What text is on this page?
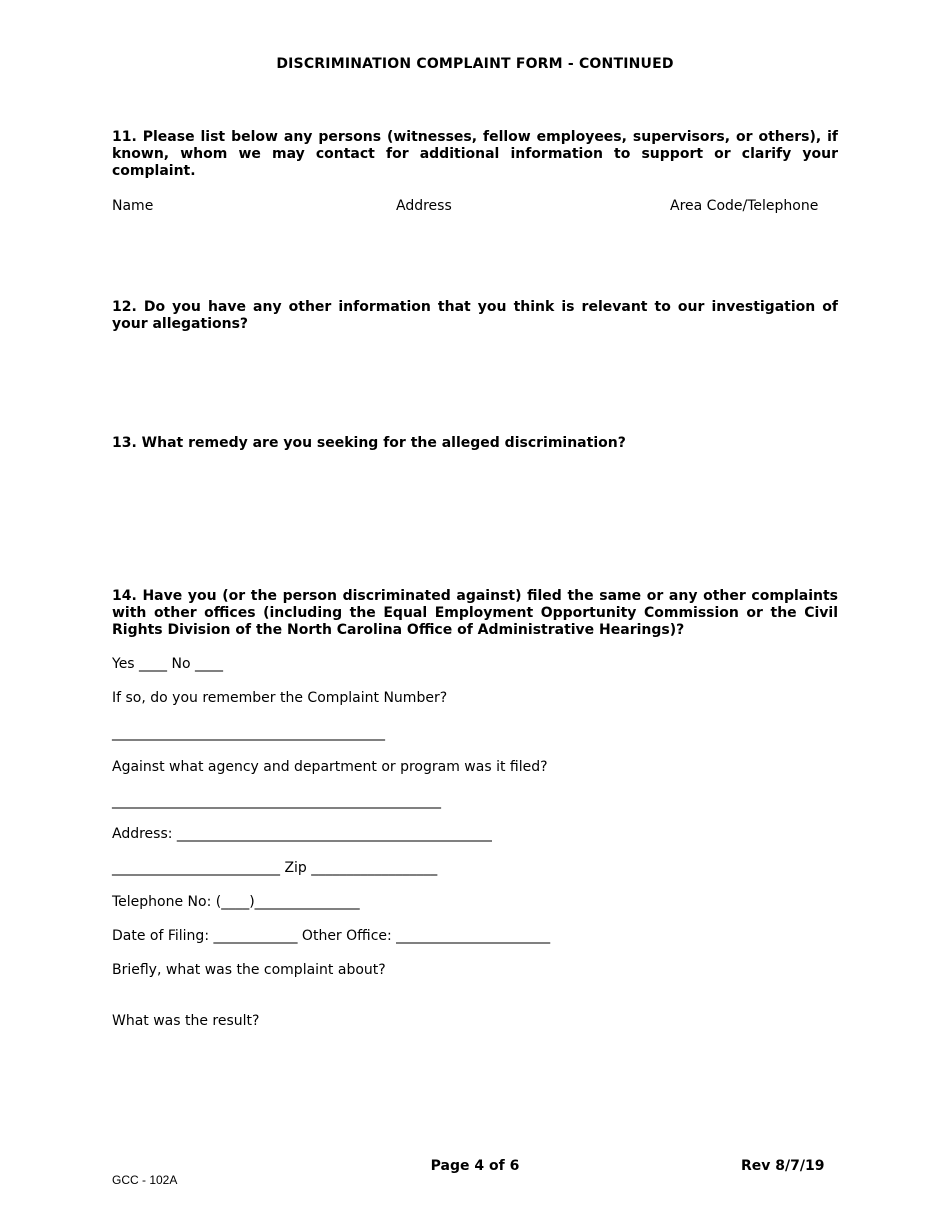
DISCRIMINATION COMPLAINT FORM - CONTINUED
11. Please list below any persons (witnesses, fellow employees, supervisors, or others), if known, whom we may contact for additional information to support or clarify your complaint.
Name	Address	Area Code/Telephone
12. Do you have any other information that you think is relevant to our investigation of your allegations?
13. What remedy are you seeking for the alleged discrimination?
14. Have you (or the person discriminated against) filed the same or any other complaints with other offices (including the Equal Employment Opportunity Commission or the Civil Rights Division of the North Carolina Office of Administrative Hearings)?
Yes ____ No ____
If so, do you remember the Complaint Number?
_______________________________________
Against what agency and department or program was it filed?
_______________________________________________
Address: _____________________________________________
________________________ Zip __________________
Telephone No: (____)_______________
Date of Filing: ____________ Other Office: ______________________
Briefly, what was the complaint about?
What was the result?
Page 4 of 6	Rev 8/7/19
GCC - 102A
